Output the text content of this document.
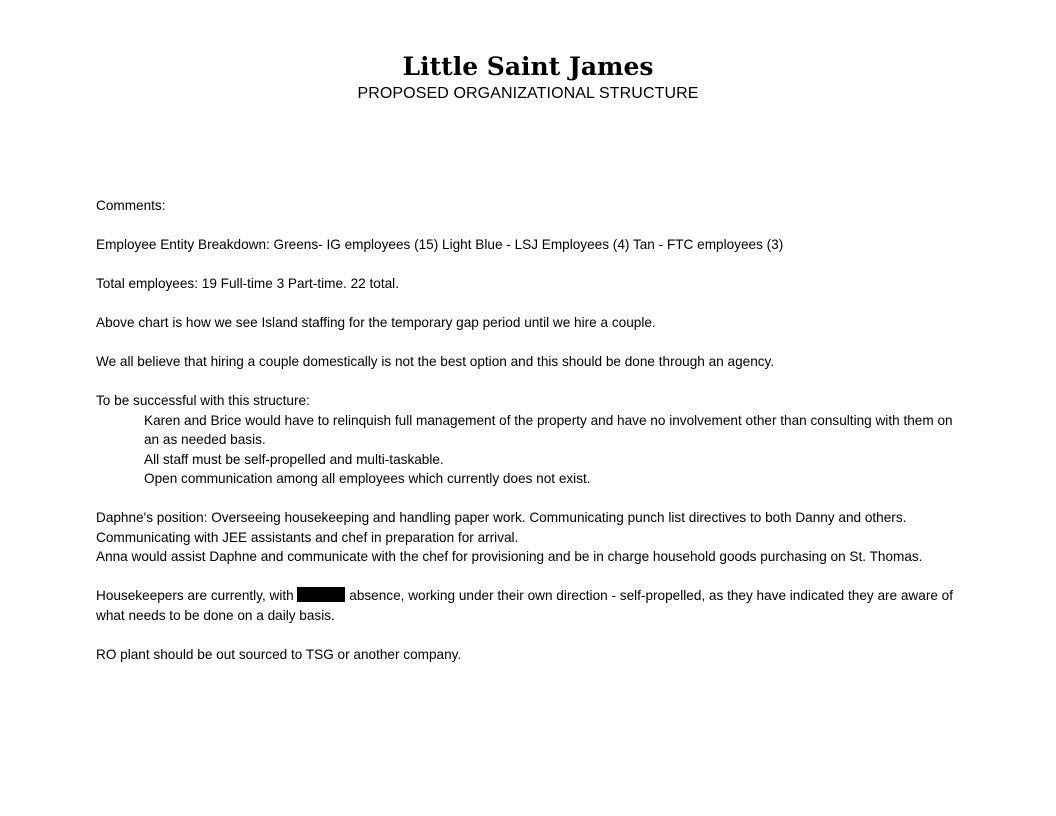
Little Saint James
PROPOSED ORGANIZATIONAL STRUCTURE

Comments:

Employee Entity Breakdown: Greens- IG employees (15) Light Blue - LSJ Employees (4) Tan - FTC employees (3)

Total employees: 19 Full-time 3 Part-time. 22 total.

Above chart is how we see Island staffing for the temporary gap period until we hire a couple.

We all believe that hiring a couple domestically is not the best option and this should be done through an agency.

To be successful with this structure:

Karen and Brice would have to relinquish full management of the property and have no involvement other than consulting with them on an as needed basis.

All staff must be self-propelled and multi-taskable.

Open communication among all employees which currently does not exist.

Daphne's position: Overseeing housekeeping and handling paper work. Communicating punch list directives to both Danny and others. Communicating with JEE assistants and chef in preparation for arrival.

Anna would assist Daphne and communicate with the chef for provisioning and be in charge household goods purchasing on St. Thomas.

Housekeepers are currently, with	absence, working under their own direction - self-propelled, as they have indicated they are aware of what needs to be done on a daily basis.

RO plant should be out sourced to TSG or another company.
